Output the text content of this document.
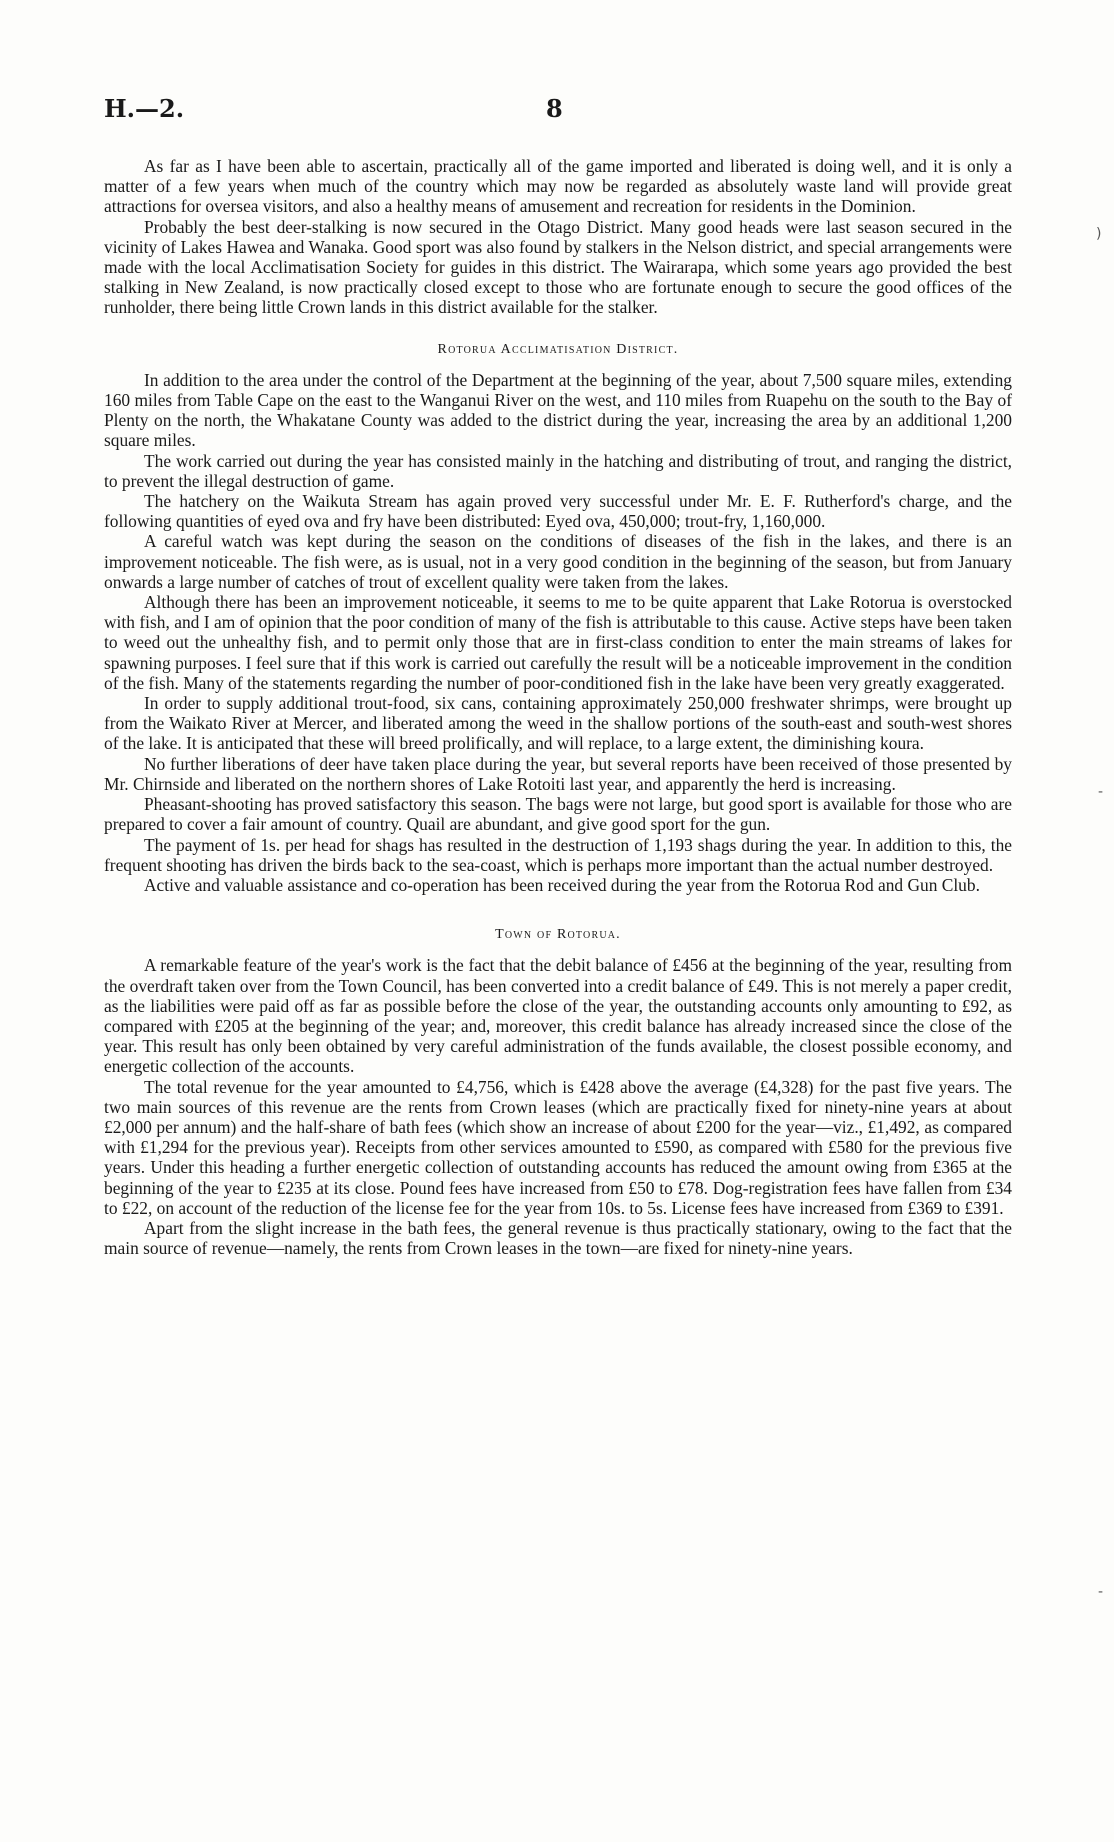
H.—2.	8
)
‐
‐

As far as I have been able to ascertain, practically all of the game imported and liberated is doing well, and it is only a matter of a few years when much of the country which may now be regarded as absolutely waste land will provide great attractions for oversea visitors, and also a healthy means of amusement and recreation for residents in the Dominion.

Probably the best deer-stalking is now secured in the Otago District. Many good heads were last season secured in the vicinity of Lakes Hawea and Wanaka. Good sport was also found by stalkers in the Nelson district, and special arrangements were made with the local Acclimatisation Society for guides in this district. The Wairarapa, which some years ago provided the best stalking in New Zealand, is now practically closed except to those who are fortunate enough to secure the good offices of the runholder, there being little Crown lands in this district available for the stalker.

Rotorua Acclimatisation District.

In addition to the area under the control of the Department at the beginning of the year, about 7,500 square miles, extending 160 miles from Table Cape on the east to the Wanganui River on the west, and 110 miles from Ruapehu on the south to the Bay of Plenty on the north, the Whakatane County was added to the district during the year, increasing the area by an additional 1,200 square miles.

The work carried out during the year has consisted mainly in the hatching and distributing of trout, and ranging the district, to prevent the illegal destruction of game.

The hatchery on the Waikuta Stream has again proved very successful under Mr. E. F. Rutherford's charge, and the following quantities of eyed ova and fry have been distributed: Eyed ova, 450,000; trout-fry, 1,160,000.

A careful watch was kept during the season on the conditions of diseases of the fish in the lakes, and there is an improvement noticeable. The fish were, as is usual, not in a very good condition in the beginning of the season, but from January onwards a large number of catches of trout of excellent quality were taken from the lakes.

Although there has been an improvement noticeable, it seems to me to be quite apparent that Lake Rotorua is overstocked with fish, and I am of opinion that the poor condition of many of the fish is attributable to this cause. Active steps have been taken to weed out the unhealthy fish, and to permit only those that are in first-class condition to enter the main streams of lakes for spawning purposes. I feel sure that if this work is carried out carefully the result will be a noticeable improvement in the condition of the fish. Many of the statements regarding the number of poor-conditioned fish in the lake have been very greatly exaggerated.

In order to supply additional trout-food, six cans, containing approximately 250,000 freshwater shrimps, were brought up from the Waikato River at Mercer, and liberated among the weed in the shallow portions of the south-east and south-west shores of the lake. It is anticipated that these will breed prolifically, and will replace, to a large extent, the diminishing koura.

No further liberations of deer have taken place during the year, but several reports have been received of those presented by Mr. Chirnside and liberated on the northern shores of Lake Rotoiti last year, and apparently the herd is increasing.

Pheasant-shooting has proved satisfactory this season. The bags were not large, but good sport is available for those who are prepared to cover a fair amount of country. Quail are abundant, and give good sport for the gun.

The payment of 1s. per head for shags has resulted in the destruction of 1,193 shags during the year. In addition to this, the frequent shooting has driven the birds back to the sea-coast, which is perhaps more important than the actual number destroyed.

Active and valuable assistance and co-operation has been received during the year from the Rotorua Rod and Gun Club.

Town of Rotorua.

A remarkable feature of the year's work is the fact that the debit balance of £456 at the beginning of the year, resulting from the overdraft taken over from the Town Council, has been converted into a credit balance of £49. This is not merely a paper credit, as the liabilities were paid off as far as possible before the close of the year, the outstanding accounts only amounting to £92, as compared with £205 at the beginning of the year; and, moreover, this credit balance has already increased since the close of the year. This result has only been obtained by very careful administration of the funds available, the closest possible economy, and energetic collection of the accounts.

The total revenue for the year amounted to £4,756, which is £428 above the average (£4,328) for the past five years. The two main sources of this revenue are the rents from Crown leases (which are practically fixed for ninety-nine years at about £2,000 per annum) and the half-share of bath fees (which show an increase of about £200 for the year—viz., £1,492, as compared with £1,294 for the previous year). Receipts from other services amounted to £590, as compared with £580 for the previous five years. Under this heading a further energetic collection of outstanding accounts has reduced the amount owing from £365 at the beginning of the year to £235 at its close. Pound fees have increased from £50 to £78. Dog-registration fees have fallen from £34 to £22, on account of the reduction of the license fee for the year from 10s. to 5s. License fees have increased from £369 to £391.

Apart from the slight increase in the bath fees, the general revenue is thus practically stationary, owing to the fact that the main source of revenue—namely, the rents from Crown leases in the town—are fixed for ninety-nine years.
